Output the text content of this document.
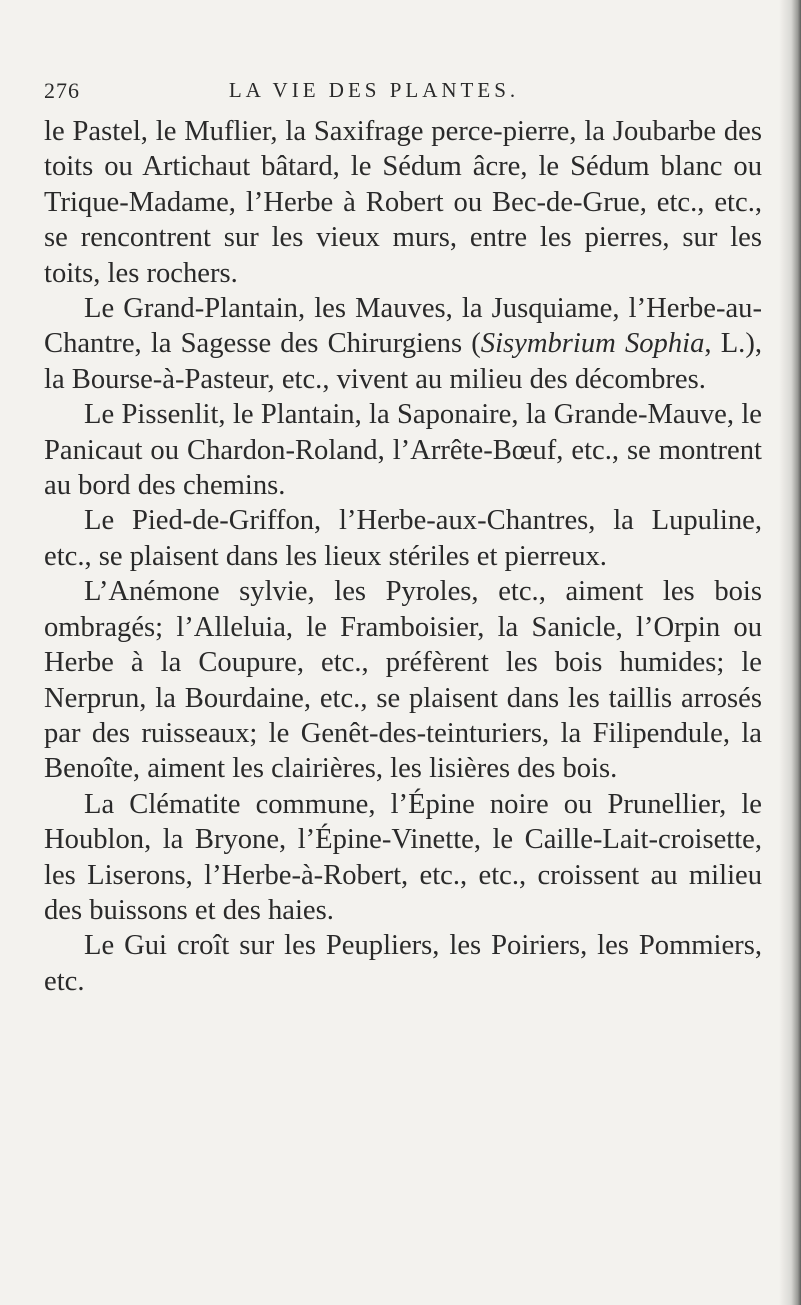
276	LA VIE DES PLANTES.

le Pastel, le Muflier, la Saxifrage perce-pierre, la Joubarbe des toits ou Artichaut bâtard, le Sédum âcre, le Sédum blanc ou Trique-Madame, l’Herbe à Robert ou Bec-de-Grue, etc., etc., se rencontrent sur les vieux murs, entre les pierres, sur les toits, les rochers.

Le Grand-Plantain, les Mauves, la Jusquiame, l’Herbe-au-Chantre, la Sagesse des Chirurgiens (Sisymbrium Sophia, L.), la Bourse-à-Pasteur, etc., vivent au milieu des décombres.

Le Pissenlit, le Plantain, la Saponaire, la Grande-Mauve, le Panicaut ou Chardon-Roland, l’Arrête-Bœuf, etc., se montrent au bord des chemins.

Le Pied-de-Griffon, l’Herbe-aux-Chantres, la Lupuline, etc., se plaisent dans les lieux stériles et pierreux.

L’Anémone sylvie, les Pyroles, etc., aiment les bois ombragés; l’Alleluia, le Framboisier, la Sanicle, l’Orpin ou Herbe à la Coupure, etc., préfèrent les bois humides; le Nerprun, la Bourdaine, etc., se plaisent dans les taillis arrosés par des ruisseaux; le Genêt-des-teinturiers, la Filipendule, la Benoîte, aiment les clairières, les lisières des bois.

La Clématite commune, l’Épine noire ou Prunellier, le Houblon, la Bryone, l’Épine-Vinette, le Caille-Lait-croisette, les Liserons, l’Herbe-à-Robert, etc., etc., croissent au milieu des buissons et des haies.

Le Gui croît sur les Peupliers, les Poiriers, les Pommiers, etc.
